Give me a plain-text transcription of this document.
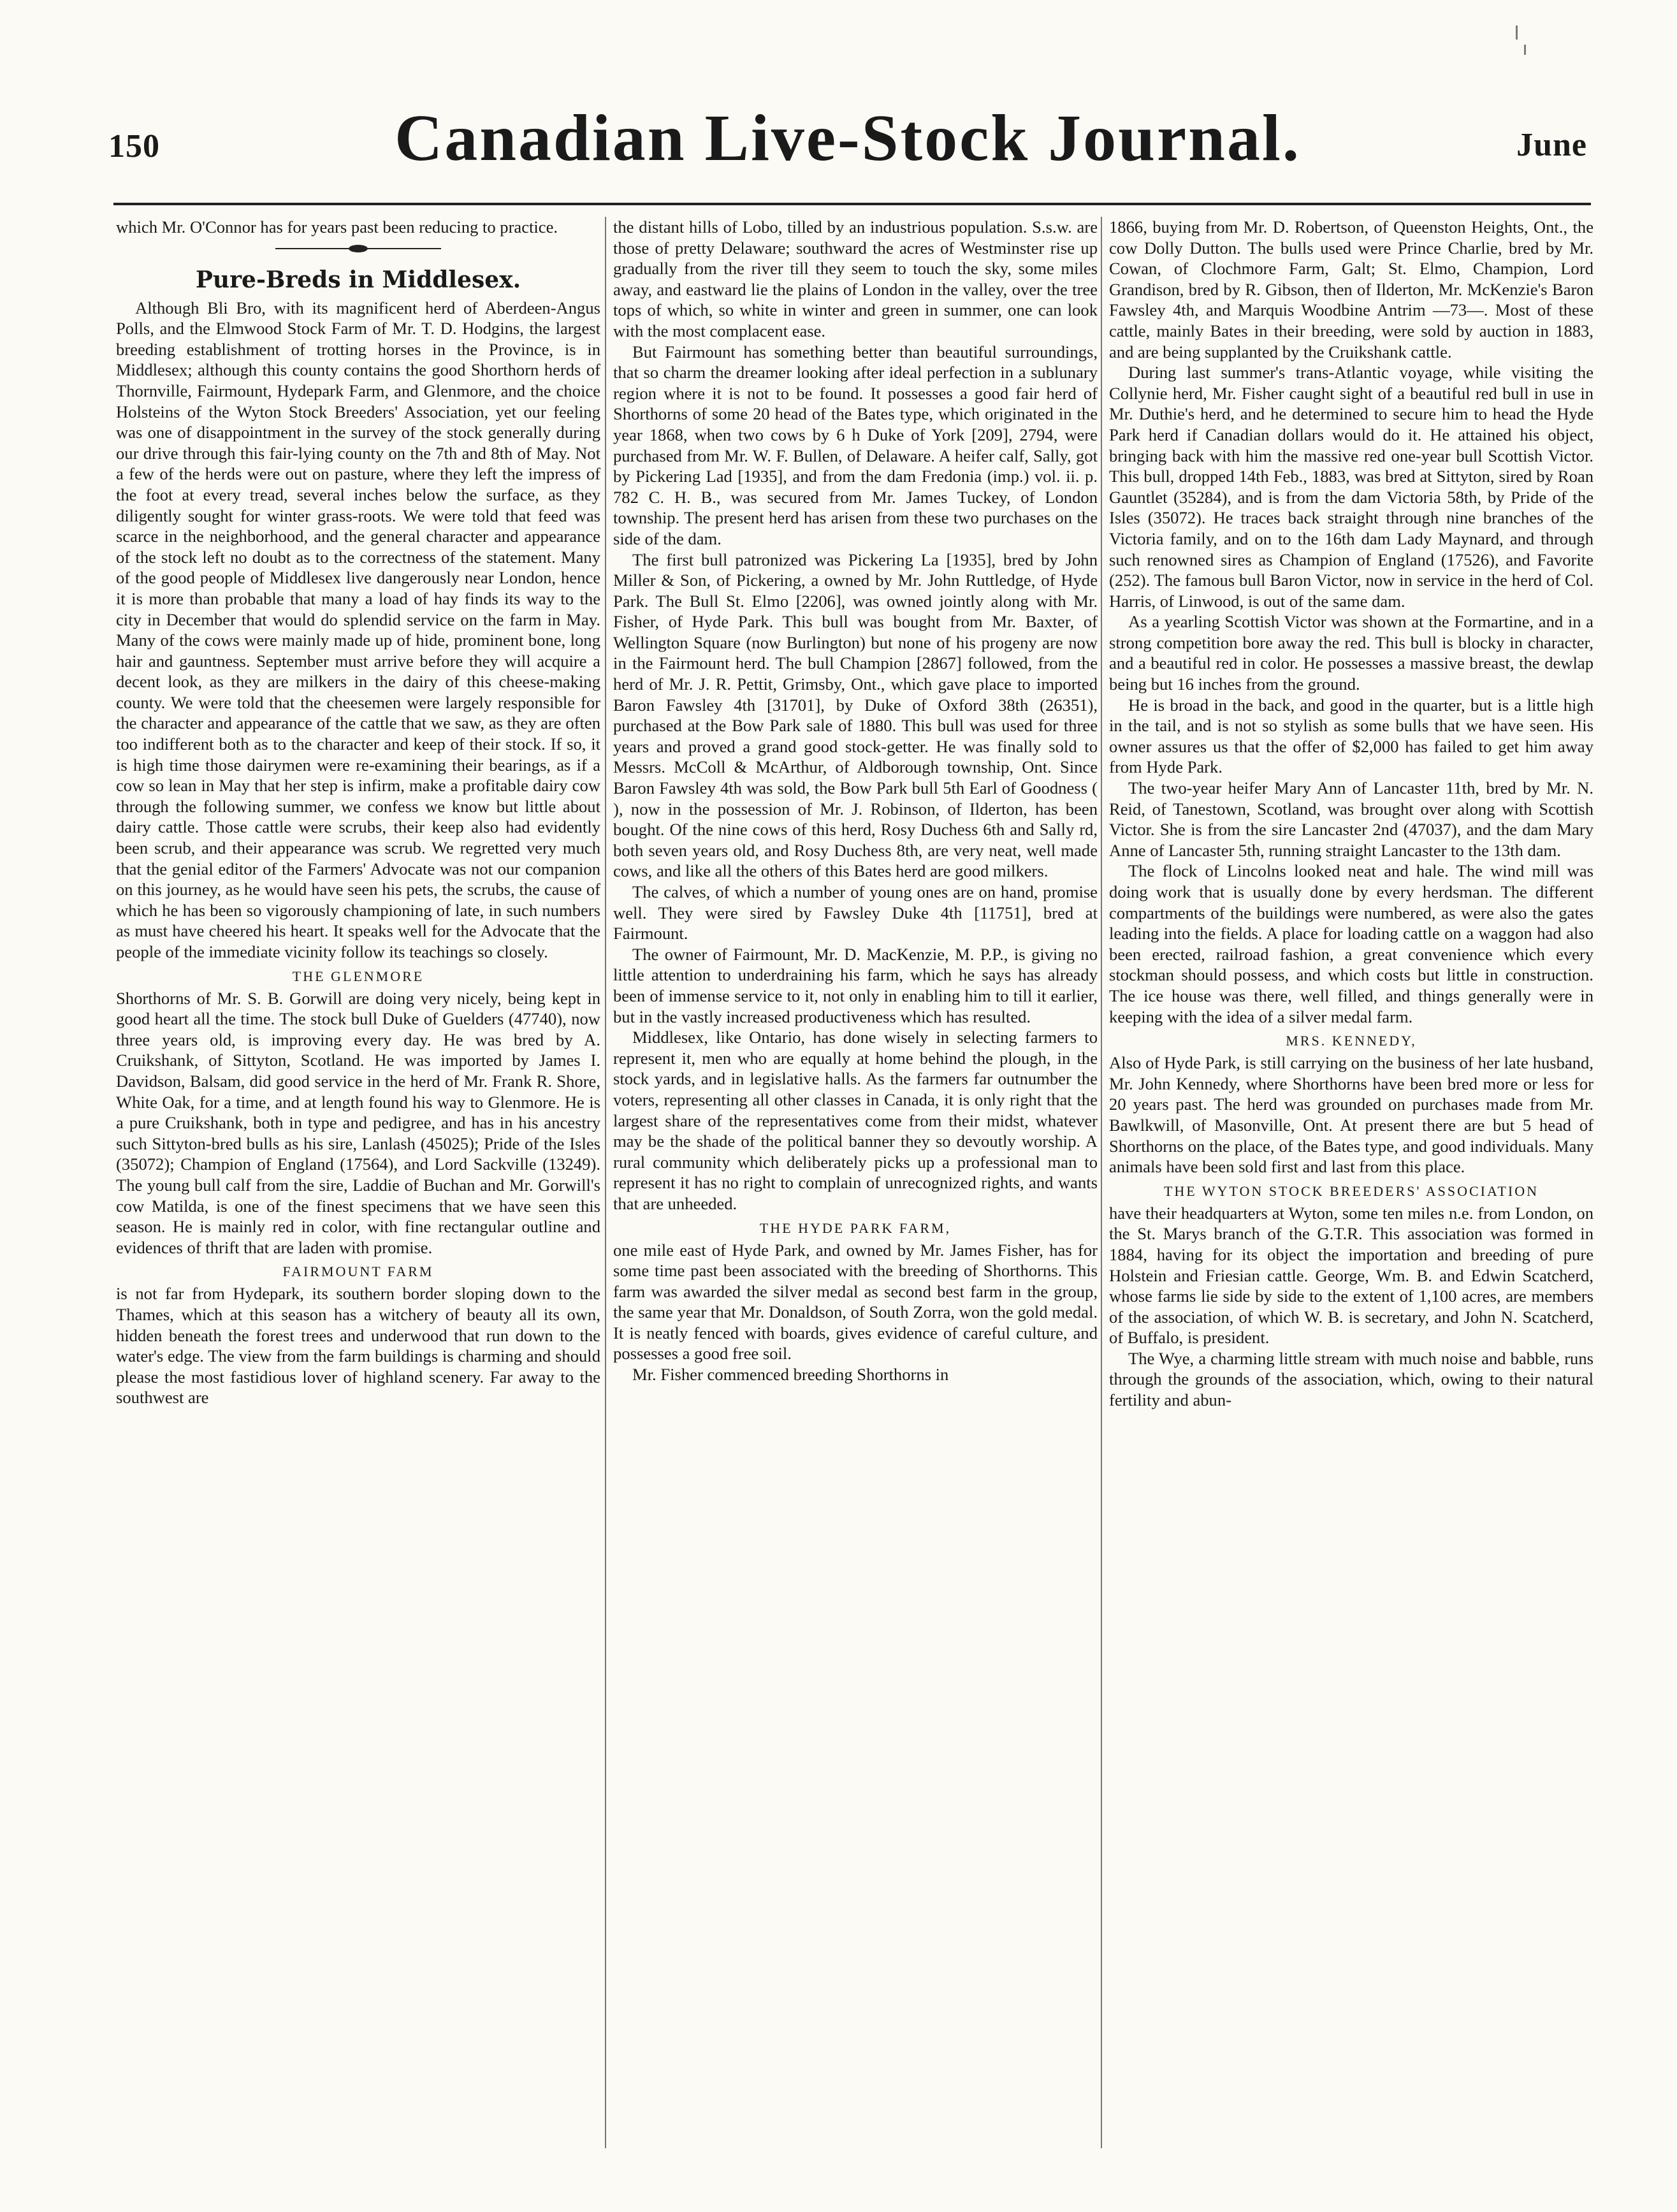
150	Canadian Live-Stock Journal.	June

which Mr. O'Connor has for years past been reducing to practice.

Pure-Breds in Middlesex.

Although Bli Bro, with its magnificent herd of Aberdeen-Angus Polls, and the Elmwood Stock Farm of Mr. T. D. Hodgins, the largest breeding establishment of trotting horses in the Province, is in Middlesex; although this county contains the good Shorthorn herds of Thornville, Fairmount, Hydepark Farm, and Glenmore, and the choice Holsteins of the Wyton Stock Breeders' Association, yet our feeling was one of disappointment in the survey of the stock generally during our drive through this fair-lying county on the 7th and 8th of May. Not a few of the herds were out on pasture, where they left the impress of the foot at every tread, several inches below the surface, as they diligently sought for winter grass-roots. We were told that feed was scarce in the neighborhood, and the general character and appearance of the stock left no doubt as to the correctness of the statement. Many of the good people of Middlesex live dangerously near London, hence it is more than probable that many a load of hay finds its way to the city in December that would do splendid service on the farm in May. Many of the cows were mainly made up of hide, prominent bone, long hair and gauntness. September must arrive before they will acquire a decent look, as they are milkers in the dairy of this cheese-making county. We were told that the cheesemen were largely responsible for the character and appearance of the cattle that we saw, as they are often too indifferent both as to the character and keep of their stock. If so, it is high time those dairymen were re-examining their bearings, as if a cow so lean in May that her step is infirm, make a profitable dairy cow through the following summer, we confess we know but little about dairy cattle. Those cattle were scrubs, their keep also had evidently been scrub, and their appearance was scrub. We regretted very much that the genial editor of the Farmers' Advocate was not our companion on this journey, as he would have seen his pets, the scrubs, the cause of which he has been so vigorously championing of late, in such numbers as must have cheered his heart. It speaks well for the Advocate that the people of the immediate vicinity follow its teachings so closely.

THE GLENMORE

Shorthorns of Mr. S. B. Gorwill are doing very nicely, being kept in good heart all the time. The stock bull Duke of Guelders (47740), now three years old, is improving every day. He was bred by A. Cruikshank, of Sittyton, Scotland. He was imported by James I. Davidson, Balsam, did good service in the herd of Mr. Frank R. Shore, White Oak, for a time, and at length found his way to Glenmore. He is a pure Cruikshank, both in type and pedigree, and has in his ancestry such Sittyton-bred bulls as his sire, Lanlash (45025); Pride of the Isles (35072); Champion of England (17564), and Lord Sackville (13249). The young bull calf from the sire, Laddie of Buchan and Mr. Gorwill's cow Matilda, is one of the finest specimens that we have seen this season. He is mainly red in color, with fine rectangular outline and evidences of thrift that are laden with promise.

FAIRMOUNT FARM

is not far from Hydepark, its southern border sloping down to the Thames, which at this season has a witchery of beauty all its own, hidden beneath the forest trees and underwood that run down to the water's edge. The view from the farm buildings is charming and should please the most fastidious lover of highland scenery. Far away to the southwest are

the distant hills of Lobo, tilled by an industrious population. S.s.w. are those of pretty Delaware; southward the acres of Westminster rise up gradually from the river till they seem to touch the sky, some miles away, and eastward lie the plains of London in the valley, over the tree tops of which, so white in winter and green in summer, one can look with the most complacent ease.

But Fairmount has something better than beautiful surroundings, that so charm the dreamer looking after ideal perfection in a sublunary region where it is not to be found. It possesses a good fair herd of Shorthorns of some 20 head of the Bates type, which originated in the year 1868, when two cows by 6 h Duke of York [209], 2794, were purchased from Mr. W. F. Bullen, of Delaware. A heifer calf, Sally, got by Pickering Lad [1935], and from the dam Fredonia (imp.) vol. ii. p. 782 C. H. B., was secured from Mr. James Tuckey, of London township. The present herd has arisen from these two purchases on the side of the dam.

The first bull patronized was Pickering La [1935], bred by John Miller & Son, of Pickering, a owned by Mr. John Ruttledge, of Hyde Park. The Bull St. Elmo [2206], was owned jointly along with Mr. Fisher, of Hyde Park. This bull was bought from Mr. Baxter, of Wellington Square (now Burlington) but none of his progeny are now in the Fairmount herd. The bull Champion [2867] followed, from the herd of Mr. J. R. Pettit, Grimsby, Ont., which gave place to imported Baron Fawsley 4th [31701], by Duke of Oxford 38th (26351), purchased at the Bow Park sale of 1880. This bull was used for three years and proved a grand good stock-getter. He was finally sold to Messrs. McColl & McArthur, of Aldborough township, Ont. Since Baron Fawsley 4th was sold, the Bow Park bull 5th Earl of Goodness ( ), now in the possession of Mr. J. Robinson, of Ilderton, has been bought. Of the nine cows of this herd, Rosy Duchess 6th and Sally rd, both seven years old, and Rosy Duchess 8th, are very neat, well made cows, and like all the others of this Bates herd are good milkers.

The calves, of which a number of young ones are on hand, promise well. They were sired by Fawsley Duke 4th [11751], bred at Fairmount.

The owner of Fairmount, Mr. D. MacKenzie, M. P.P., is giving no little attention to underdraining his farm, which he says has already been of immense service to it, not only in enabling him to till it earlier, but in the vastly increased productiveness which has resulted.

Middlesex, like Ontario, has done wisely in selecting farmers to represent it, men who are equally at home behind the plough, in the stock yards, and in legislative halls. As the farmers far outnumber the voters, representing all other classes in Canada, it is only right that the largest share of the representatives come from their midst, whatever may be the shade of the political banner they so devoutly worship. A rural community which deliberately picks up a professional man to represent it has no right to complain of unrecognized rights, and wants that are unheeded.

THE HYDE PARK FARM,

one mile east of Hyde Park, and owned by Mr. James Fisher, has for some time past been associated with the breeding of Shorthorns. This farm was awarded the silver medal as second best farm in the group, the same year that Mr. Donaldson, of South Zorra, won the gold medal. It is neatly fenced with boards, gives evidence of careful culture, and possesses a good free soil.

Mr. Fisher commenced breeding Shorthorns in

1866, buying from Mr. D. Robertson, of Queenston Heights, Ont., the cow Dolly Dutton. The bulls used were Prince Charlie, bred by Mr. Cowan, of Clochmore Farm, Galt; St. Elmo, Champion, Lord Grandison, bred by R. Gibson, then of Ilderton, Mr. McKenzie's Baron Fawsley 4th, and Marquis Woodbine Antrim —73—. Most of these cattle, mainly Bates in their breeding, were sold by auction in 1883, and are being supplanted by the Cruikshank cattle.

During last summer's trans-Atlantic voyage, while visiting the Collynie herd, Mr. Fisher caught sight of a beautiful red bull in use in Mr. Duthie's herd, and he determined to secure him to head the Hyde Park herd if Canadian dollars would do it. He attained his object, bringing back with him the massive red one-year bull Scottish Victor. This bull, dropped 14th Feb., 1883, was bred at Sittyton, sired by Roan Gauntlet (35284), and is from the dam Victoria 58th, by Pride of the Isles (35072). He traces back straight through nine branches of the Victoria family, and on to the 16th dam Lady Maynard, and through such renowned sires as Champion of England (17526), and Favorite (252). The famous bull Baron Victor, now in service in the herd of Col. Harris, of Linwood, is out of the same dam.

As a yearling Scottish Victor was shown at the Formartine, and in a strong competition bore away the red. This bull is blocky in character, and a beautiful red in color. He possesses a massive breast, the dewlap being but 16 inches from the ground.

He is broad in the back, and good in the quarter, but is a little high in the tail, and is not so stylish as some bulls that we have seen. His owner assures us that the offer of $2,000 has failed to get him away from Hyde Park.

The two-year heifer Mary Ann of Lancaster 11th, bred by Mr. N. Reid, of Tanestown, Scotland, was brought over along with Scottish Victor. She is from the sire Lancaster 2nd (47037), and the dam Mary Anne of Lancaster 5th, running straight Lancaster to the 13th dam.

The flock of Lincolns looked neat and hale. The wind mill was doing work that is usually done by every herdsman. The different compartments of the buildings were numbered, as were also the gates leading into the fields. A place for loading cattle on a waggon had also been erected, railroad fashion, a great convenience which every stockman should possess, and which costs but little in construction. The ice house was there, well filled, and things generally were in keeping with the idea of a silver medal farm.

MRS. KENNEDY,

Also of Hyde Park, is still carrying on the business of her late husband, Mr. John Kennedy, where Shorthorns have been bred more or less for 20 years past. The herd was grounded on purchases made from Mr. Bawlkwill, of Masonville, Ont. At present there are but 5 head of Shorthorns on the place, of the Bates type, and good individuals. Many animals have been sold first and last from this place.

THE WYTON STOCK BREEDERS' ASSOCIATION

have their headquarters at Wyton, some ten miles n.e. from London, on the St. Marys branch of the G.T.R. This association was formed in 1884, having for its object the importation and breeding of pure Holstein and Friesian cattle. George, Wm. B. and Edwin Scatcherd, whose farms lie side by side to the extent of 1,100 acres, are members of the association, of which W. B. is secretary, and John N. Scatcherd, of Buffalo, is president.

The Wye, a charming little stream with much noise and babble, runs through the grounds of the association, which, owing to their natural fertility and abun-
